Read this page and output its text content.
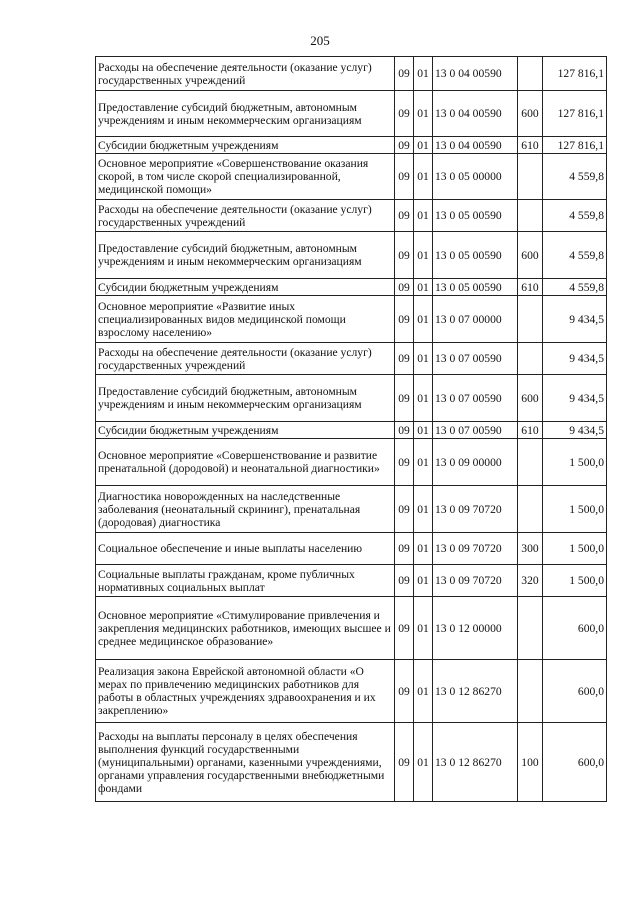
205
Расходы на обеспечение деятельности (оказание услуг) государственных учреждений	09	01	13 0 04 00590		127 816,1
Предоставление субсидий бюджетным, автономным учреждениям и иным некоммерческим организациям	09	01	13 0 04 00590	600	127 816,1
Субсидии бюджетным учреждениям	09	01	13 0 04 00590	610	127 816,1
Основное мероприятие «Совершенствование оказания скорой, в том числе скорой специализированной, медицинской помощи»	09	01	13 0 05 00000		4 559,8
Расходы на обеспечение деятельности (оказание услуг) государственных учреждений	09	01	13 0 05 00590		4 559,8
Предоставление субсидий бюджетным, автономным учреждениям и иным некоммерческим организациям	09	01	13 0 05 00590	600	4 559,8
Субсидии бюджетным учреждениям	09	01	13 0 05 00590	610	4 559,8
Основное мероприятие «Развитие иных специализированных видов медицинской помощи взрослому населению»	09	01	13 0 07 00000		9 434,5
Расходы на обеспечение деятельности (оказание услуг) государственных учреждений	09	01	13 0 07 00590		9 434,5
Предоставление субсидий бюджетным, автономным учреждениям и иным некоммерческим организациям	09	01	13 0 07 00590	600	9 434,5
Субсидии бюджетным учреждениям	09	01	13 0 07 00590	610	9 434,5
Основное мероприятие «Совершенствование и развитие пренатальной (дородовой) и неонатальной диагностики»	09	01	13 0 09 00000		1 500,0
Диагностика новорожденных на наследственные заболевания (неонатальный скрининг), пренатальная (дородовая) диагностика	09	01	13 0 09 70720		1 500,0
Социальное обеспечение и иные выплаты населению	09	01	13 0 09 70720	300	1 500,0
Социальные выплаты гражданам, кроме публичных нормативных социальных выплат	09	01	13 0 09 70720	320	1 500,0
Основное мероприятие «Стимулирование привлечения и закрепления медицинских работников, имеющих высшее и среднее медицинское образование»	09	01	13 0 12 00000		600,0
Реализация закона Еврейской автономной области «О мерах по привлечению медицинских работников для работы в областных учреждениях здравоохранения и их закреплению»	09	01	13 0 12 86270		600,0
Расходы на выплаты персоналу в целях обеспечения выполнения функций государственными (муниципальными) органами, казенными учреждениями, органами управления государственными внебюджетными фондами	09	01	13 0 12 86270	100	600,0
